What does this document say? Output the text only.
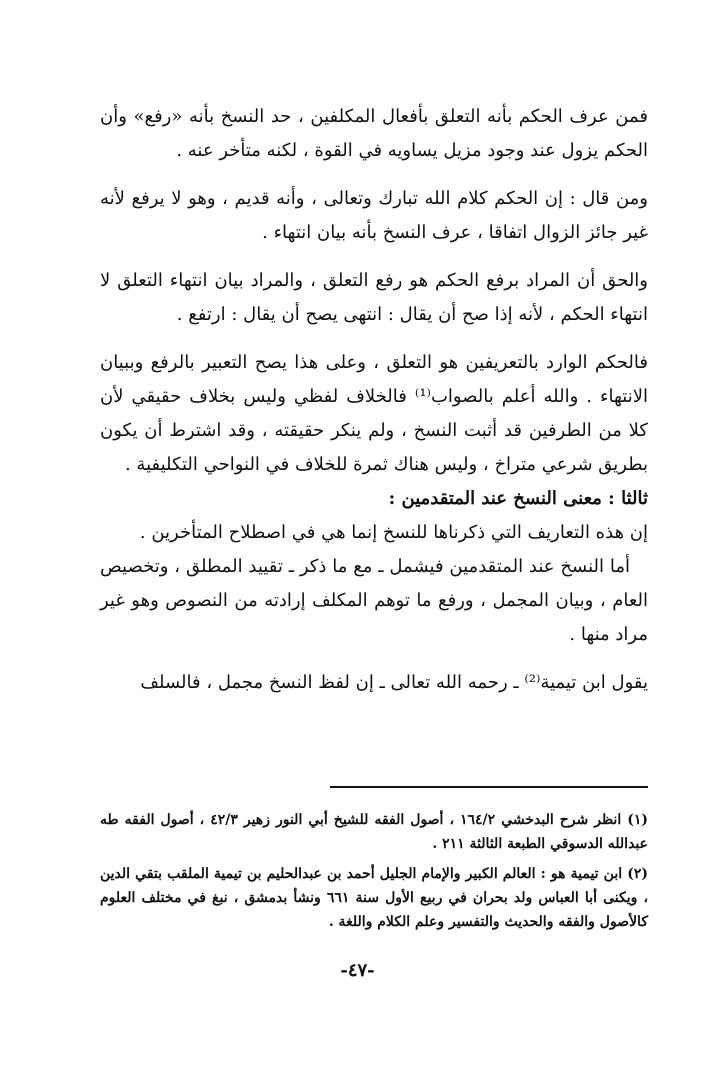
فمن عرف الحكم بأنه التعلق بأفعال المكلفين ، حد النسخ بأنه «رفع» وأن الحكم يزول عند وجود مزيل يساويه في القوة ، لكنه متأخر عنه .

ومن قال : إن الحكم كلام الله تبارك وتعالى ، وأنه قديم ، وهو لا يرفع لأنه غير جائز الزوال اتفاقا ، عرف النسخ بأنه بيان انتهاء .

والحق أن المراد برفع الحكم هو رفع التعلق ، والمراد بيان انتهاء التعلق لا انتهاء الحكم ، لأنه إذا صح أن يقال : انتهى يصح أن يقال : ارتفع .

فالحكم الوارد بالتعريفين هو التعلق ، وعلى هذا يصح التعبير بالرفع وببيان الانتهاء . والله أعلم بالصواب⁽¹⁾ فالخلاف لفظي وليس بخلاف حقيقي لأن كلا من الطرفين قد أثبت النسخ ، ولم ينكر حقيقته ، وقد اشترط أن يكون بطريق شرعي متراخ ، وليس هناك ثمرة للخلاف في النواحي التكليفية .

ثالثا : معنى النسخ عند المتقدمين :

إن هذه التعاريف التي ذكرناها للنسخ إنما هي في اصطلاح المتأخرين .

أما النسخ عند المتقدمين فيشمل ـ مع ما ذكر ـ تقييد المطلق ، وتخصيص العام ، وبيان المجمل ، ورفع ما توهم المكلف إرادته من النصوص وهو غير مراد منها .

يقول ابن تيمية⁽²⁾ ـ رحمه الله تعالى ـ إن لفظ النسخ مجمل ، فالسلف

(١) انظر شرح البدخشي ١٦٤/٢ ، أصول الفقه للشيخ أبي النور زهير ٤٢/٣ ، أصول الفقه طه عبدالله الدسوقي الطبعة الثالثة ٢١١ .

(٢) ابن تيمية هو : العالم الكبير والإمام الجليل أحمد بن عبدالحليم بن تيمية الملقب بتقي الدين ، ويكنى أبا العباس ولد بحران في ربيع الأول سنة ٦٦١ ونشأ بدمشق ، نبغ في مختلف العلوم كالأصول والفقه والحديث والتفسير وعلم الكلام واللغة .

-٤٧-
